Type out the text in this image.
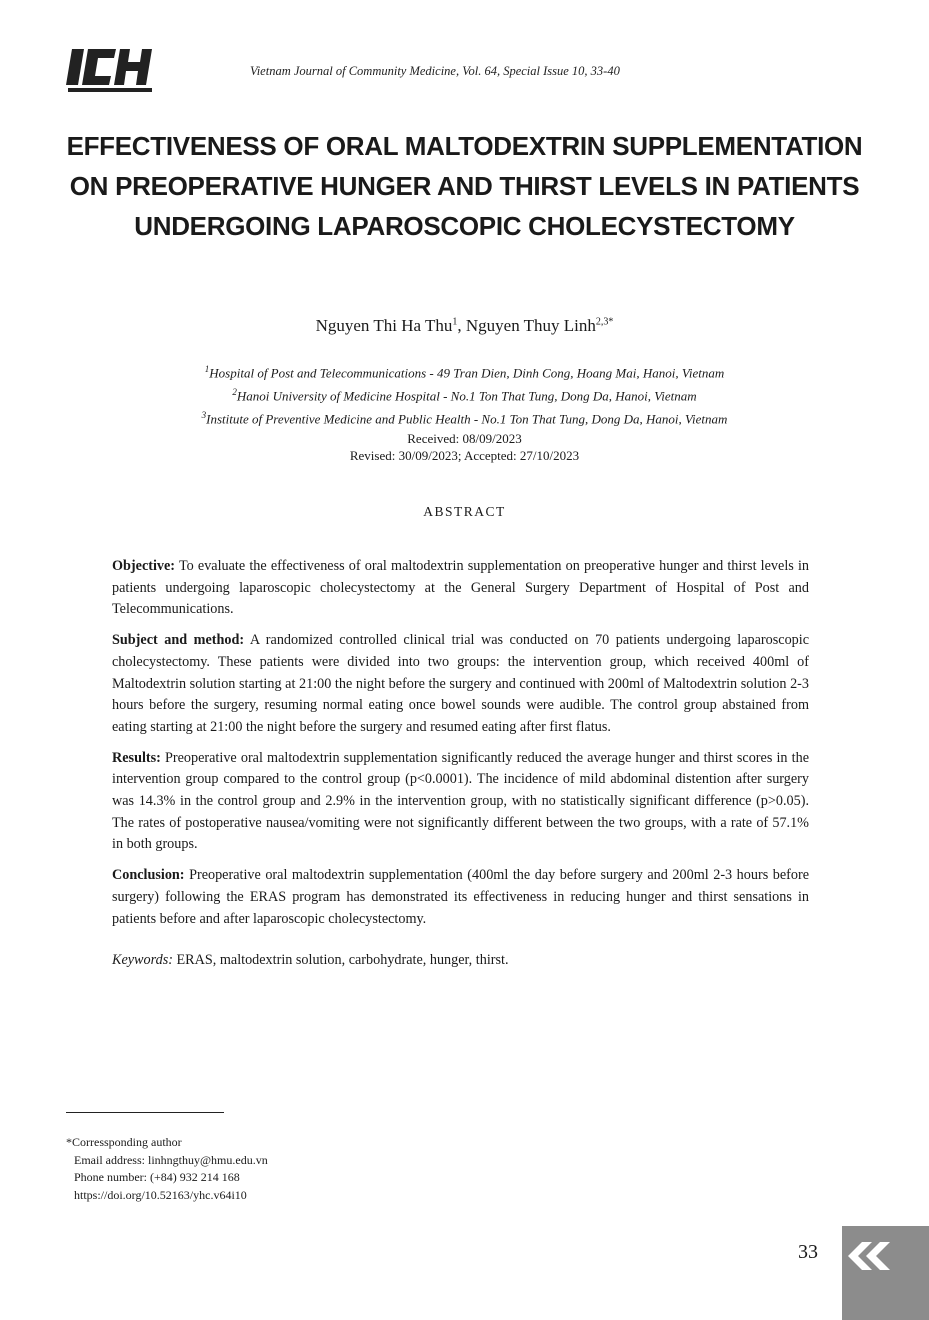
Vietnam Journal of Community Medicine, Vol. 64, Special Issue 10, 33-40
EFFECTIVENESS OF ORAL MALTODEXTRIN SUPPLEMENTATION ON PREOPERATIVE HUNGER AND THIRST LEVELS IN PATIENTS UNDERGOING LAPAROSCOPIC CHOLECYSTECTOMY
Nguyen Thi Ha Thu$^1$, Nguyen Thuy Linh$^{2,3*}$
$^1$Hospital of Post and Telecommunications - 49 Tran Dien, Dinh Cong, Hoang Mai, Hanoi, Vietnam
$^2$Hanoi University of Medicine Hospital - No.1 Ton That Tung, Dong Da, Hanoi, Vietnam
$^3$Institute of Preventive Medicine and Public Health - No.1 Ton That Tung, Dong Da, Hanoi, Vietnam
Received: 08/09/2023
Revised: 30/09/2023; Accepted: 27/10/2023
ABSTRACT

Objective: To evaluate the effectiveness of oral maltodextrin supplementation on preoperative hunger and thirst levels in patients undergoing laparoscopic cholecystectomy at the General Surgery Department of Hospital of Post and Telecommunications.

Subject and method: A randomized controlled clinical trial was conducted on 70 patients undergoing laparoscopic cholecystectomy. These patients were divided into two groups: the intervention group, which received 400ml of Maltodextrin solution starting at 21:00 the night before the surgery and continued with 200ml of Maltodextrin solution 2-3 hours before the surgery, resuming normal eating once bowel sounds were audible. The control group abstained from eating starting at 21:00 the night before the surgery and resumed eating after first flatus.

Results: Preoperative oral maltodextrin supplementation significantly reduced the average hunger and thirst scores in the intervention group compared to the control group (p<0.0001). The incidence of mild abdominal distention after surgery was 14.3% in the control group and 2.9% in the intervention group, with no statistically significant difference (p>0.05). The rates of postoperative nausea/vomiting were not significantly different between the two groups, with a rate of 57.1% in both groups.

Conclusion: Preoperative oral maltodextrin supplementation (400ml the day before surgery and 200ml 2-3 hours before surgery) following the ERAS program has demonstrated its effectiveness in reducing hunger and thirst sensations in patients before and after laparoscopic cholecystectomy.

Keywords: ERAS, maltodextrin solution, carbohydrate, hunger, thirst.

*Corressponding author
Email address: linhngthuy@hmu.edu.vn
Phone number: (+84) 932 214 168
https://doi.org/10.52163/yhc.v64i10
33
